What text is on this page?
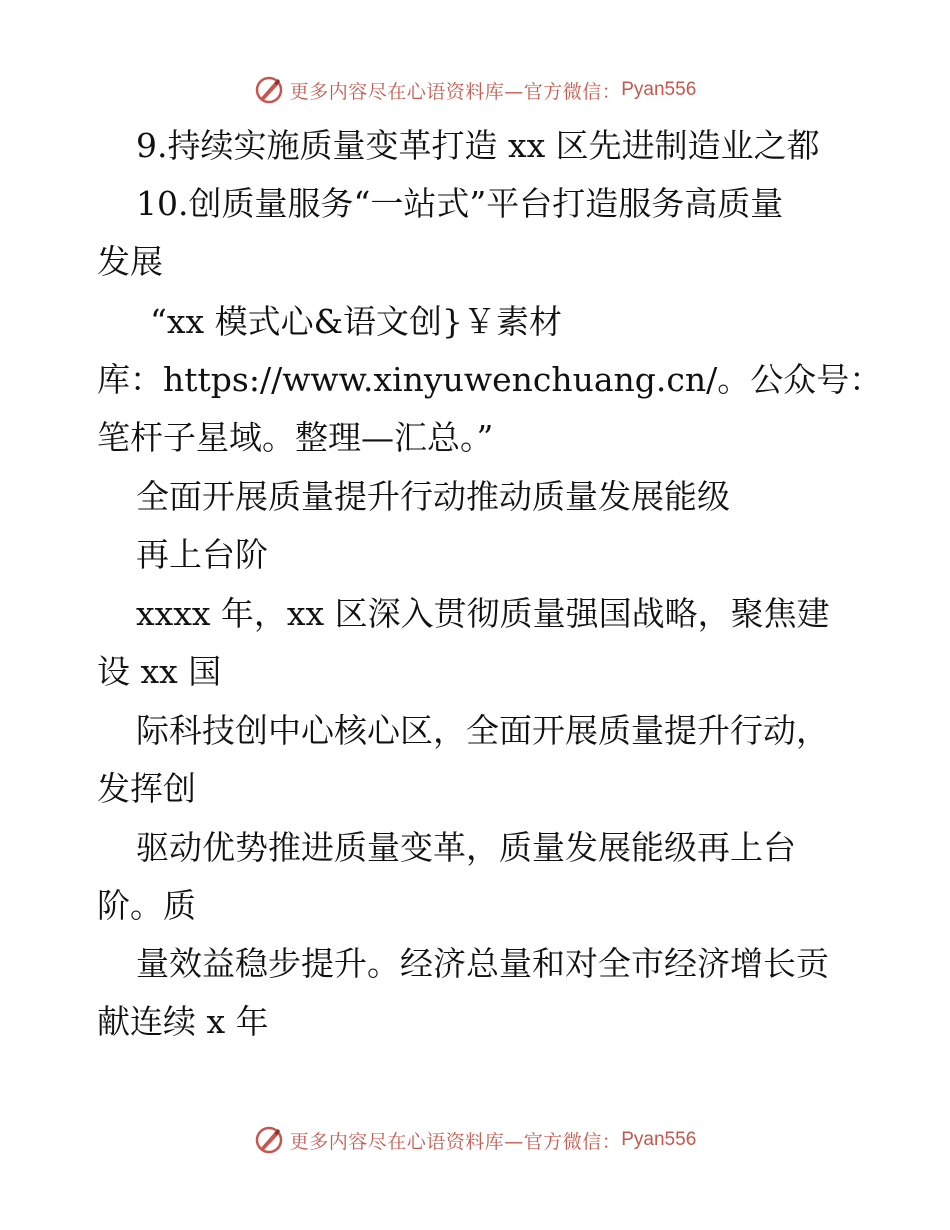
更多内容尽在心语资料库—官方微信： Pyan556
9.持续实施质量变革打造 xx 区先进制造业之都
10.创质量服务“一站式”平台打造服务高质量
发展
“xx 模式心&语文创}￥素材
库：https://www.xinyuwenchuang.cn/。公众号：
笔杆子星域。整理—汇总。”
全面开展质量提升行动推动质量发展能级
再上台阶
xxxx 年，xx 区深入贯彻质量强国战略，聚焦建
设 xx 国
际科技创中心核心区，全面开展质量提升行动，
发挥创
驱动优势推进质量变革，质量发展能级再上台
阶。质
量效益稳步提升。经济总量和对全市经济增长贡
献连续 x 年
更多内容尽在心语资料库—官方微信： Pyan556
